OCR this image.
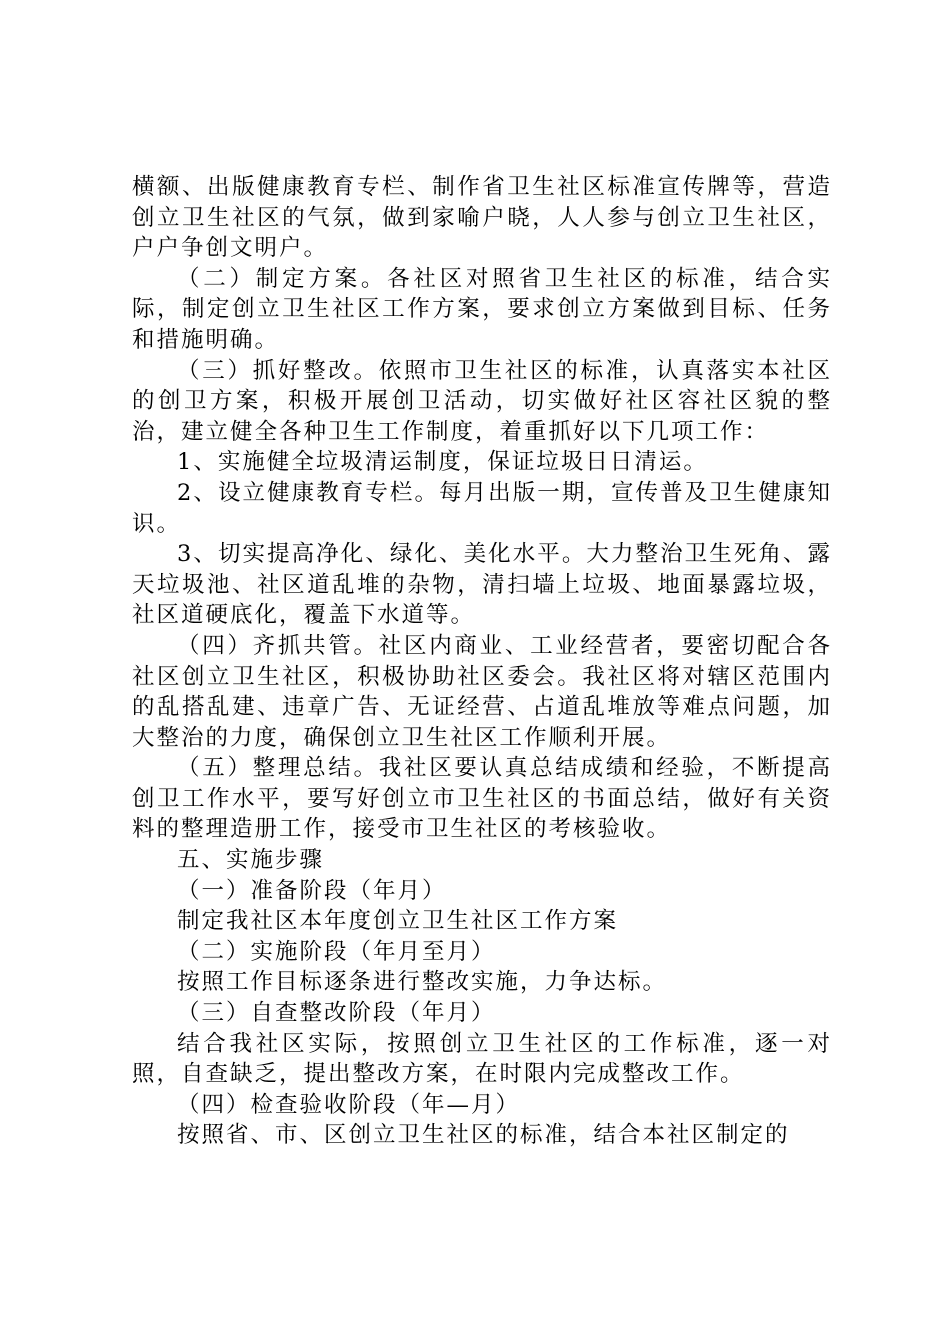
横额、出版健康教育专栏、制作省卫生社区标准宣传牌等，营造创立卫生社区的气氛，做到家喻户晓，人人参与创立卫生社区，户户争创文明户。

（二）制定方案。各社区对照省卫生社区的标准，结合实际，制定创立卫生社区工作方案，要求创立方案做到目标、任务和措施明确。

（三）抓好整改。依照市卫生社区的标准，认真落实本社区的创卫方案，积极开展创卫活动，切实做好社区容社区貌的整治，建立健全各种卫生工作制度，着重抓好以下几项工作：

1、实施健全垃圾清运制度，保证垃圾日日清运。

2、设立健康教育专栏。每月出版一期，宣传普及卫生健康知识。

3、切实提高净化、绿化、美化水平。大力整治卫生死角、露天垃圾池、社区道乱堆的杂物，清扫墙上垃圾、地面暴露垃圾，社区道硬底化，覆盖下水道等。

（四）齐抓共管。社区内商业、工业经营者，要密切配合各社区创立卫生社区，积极协助社区委会。我社区将对辖区范围内的乱搭乱建、违章广告、无证经营、占道乱堆放等难点问题，加大整治的力度，确保创立卫生社区工作顺利开展。

（五）整理总结。我社区要认真总结成绩和经验，不断提高创卫工作水平，要写好创立市卫生社区的书面总结，做好有关资料的整理造册工作，接受市卫生社区的考核验收。

五、实施步骤

（一）准备阶段（年月）

制定我社区本年度创立卫生社区工作方案

（二）实施阶段（年月至月）

按照工作目标逐条进行整改实施，力争达标。

（三）自查整改阶段（年月）

结合我社区实际，按照创立卫生社区的工作标准，逐一对照，自查缺乏，提出整改方案，在时限内完成整改工作。

（四）检查验收阶段（年—月）

按照省、市、区创立卫生社区的标准，结合本社区制定的
